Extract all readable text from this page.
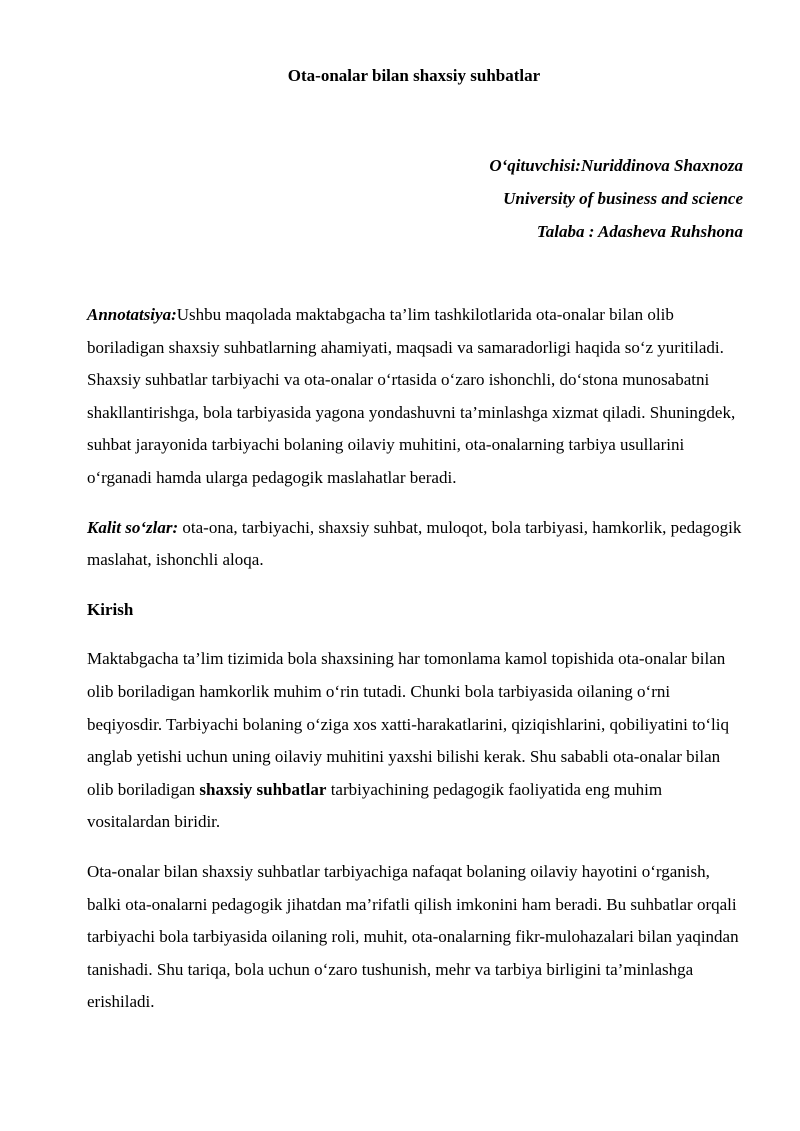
Ota-onalar bilan shaxsiy suhbatlar
O‘qituvchisi:Nuriddinova Shaxnoza
University of business and science
Talaba : Adasheva Ruhshona

Annotatsiya:Ushbu maqolada maktabgacha ta’lim tashkilotlarida ota-onalar bilan olib boriladigan shaxsiy suhbatlarning ahamiyati, maqsadi va samaradorligi haqida so‘z yuritiladi. Shaxsiy suhbatlar tarbiyachi va ota-onalar o‘rtasida o‘zaro ishonchli, do‘stona munosabatni shakllantirishga, bola tarbiyasida yagona yondashuvni ta’minlashga xizmat qiladi. Shuningdek, suhbat jarayonida tarbiyachi bolaning oilaviy muhitini, ota-onalarning tarbiya usullarini o‘rganadi hamda ularga pedagogik maslahatlar beradi.

Kalit so‘zlar: ota-ona, tarbiyachi, shaxsiy suhbat, muloqot, bola tarbiyasi, hamkorlik, pedagogik maslahat, ishonchli aloqa.

Kirish

Maktabgacha ta’lim tizimida bola shaxsining har tomonlama kamol topishida ota-onalar bilan olib boriladigan hamkorlik muhim o‘rin tutadi. Chunki bola tarbiyasida oilaning o‘rni beqiyosdir. Tarbiyachi bolaning o‘ziga xos xatti-harakatlarini, qiziqishlarini, qobiliyatini to‘liq anglab yetishi uchun uning oilaviy muhitini yaxshi bilishi kerak. Shu sababli ota-onalar bilan olib boriladigan shaxsiy suhbatlar tarbiyachining pedagogik faoliyatida eng muhim vositalardan biridir.

Ota-onalar bilan shaxsiy suhbatlar tarbiyachiga nafaqat bolaning oilaviy hayotini o‘rganish, balki ota-onalarni pedagogik jihatdan ma’rifatli qilish imkonini ham beradi. Bu suhbatlar orqali tarbiyachi bola tarbiyasida oilaning roli, muhit, ota-onalarning fikr-mulohazalari bilan yaqindan tanishadi. Shu tariqa, bola uchun o‘zaro tushunish, mehr va tarbiya birligini ta’minlashga erishiladi.
